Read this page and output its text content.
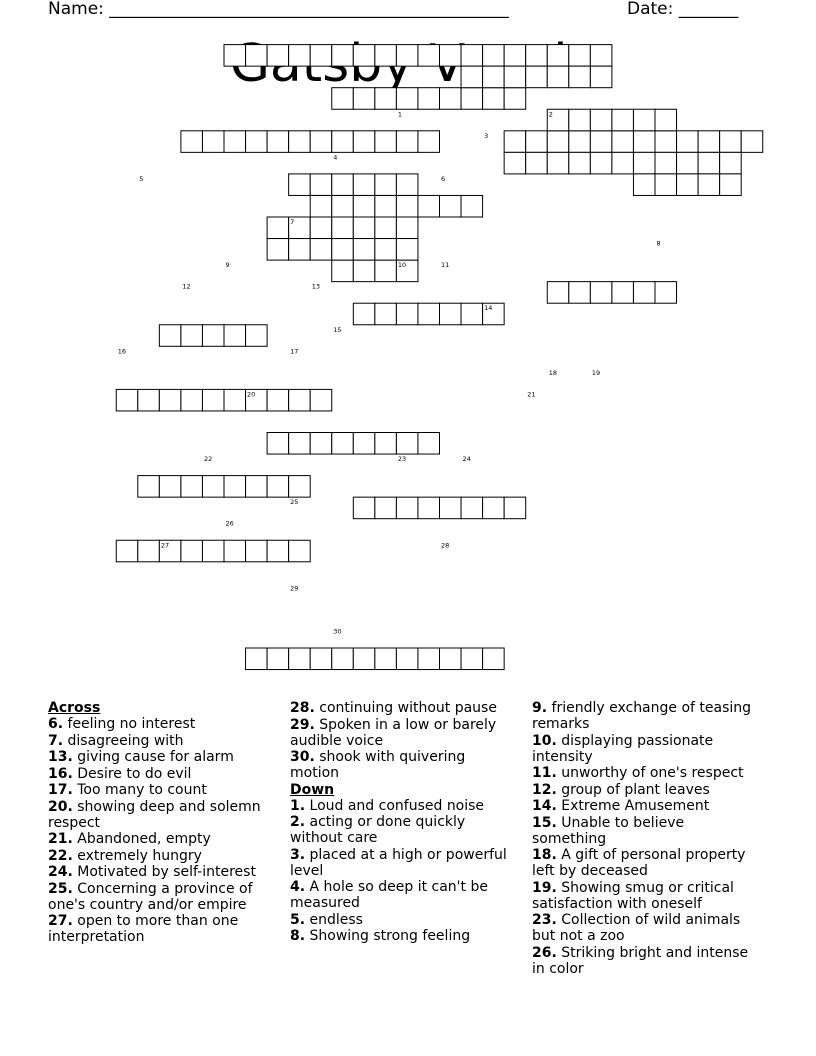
Name: _______________________________________________	Date: _______
1	2
3
4
5	6
7
8
9	10	11
12	13
14
15
16	17
18	19
20	21
22	23	24
25
26
27	28
29
30
Across
6. feeling no interest
7. disagreeing with
13. giving cause for alarm
16. Desire to do evil
17. Too many to count
20. showing deep and solemn respect
21. Abandoned, empty
22. extremely hungry
24. Motivated by self-interest
25. Concerning a province of one's country and/or empire
27. open to more than one interpretation
28. continuing without pause
29. Spoken in a low or barely audible voice
30. shook with quivering motion
Down
1. Loud and confused noise
2. acting or done quickly without care
3. placed at a high or powerful level
4. A hole so deep it can't be measured
5. endless
8. Showing strong feeling
9. friendly exchange of teasing remarks
10. displaying passionate intensity
11. unworthy of one's respect
12. group of plant leaves
14. Extreme Amusement
15. Unable to believe something
18. A gift of personal property left by deceased
19. Showing smug or critical satisfaction with oneself
23. Collection of wild animals but not a zoo
26. Striking bright and intense in color
